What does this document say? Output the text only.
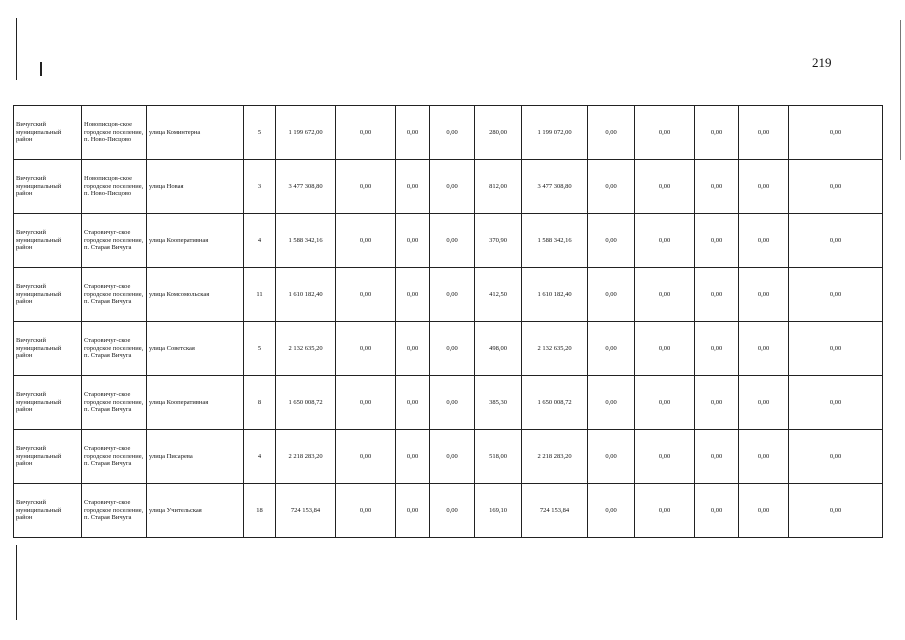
219
Вичугский муниципальный район	Новописцов-ское городское поселение, п. Ново-Писцово	улица Коминтерна	5	1 199 672,00	0,00	0,00	0,00	280,00	1 199 072,00	0,00	0,00	0,00	0,00	0,00
Вичугский муниципальный район	Новописцов-ское городское поселение, п. Ново-Писцово	улица Новая	3	3 477 308,80	0,00	0,00	0,00	812,00	3 477 308,80	0,00	0,00	0,00	0,00	0,00
Вичугский муниципальный район	Старовичуг-ское городское поселение, п. Старая Вичуга	улица Кооперативная	4	1 588 342,16	0,00	0,00	0,00	370,90	1 588 342,16	0,00	0,00	0,00	0,00	0,00
Вичугский муниципальный район	Старовичуг-ское городское поселение, п. Старая Вичуга	улица Комсомольская	11	1 610 182,40	0,00	0,00	0,00	412,50	1 610 182,40	0,00	0,00	0,00	0,00	0,00
Вичугский муниципальный район	Старовичуг-ское городское поселение, п. Старая Вичуга	улица Советская	5	2 132 635,20	0,00	0,00	0,00	498,00	2 132 635,20	0,00	0,00	0,00	0,00	0,00
Вичугский муниципальный район	Старовичуг-ское городское поселение, п. Старая Вичуга	улица Кооперативная	8	1 650 008,72	0,00	0,00	0,00	385,30	1 650 008,72	0,00	0,00	0,00	0,00	0,00
Вичугский муниципальный район	Старовичуг-ское городское поселение, п. Старая Вичуга	улица Писарева	4	2 218 283,20	0,00	0,00	0,00	518,00	2 218 283,20	0,00	0,00	0,00	0,00	0,00
Вичугский муниципальный район	Старовичуг-ское городское поселение, п. Старая Вичуга	улица Учительская	18	724 153,84	0,00	0,00	0,00	169,10	724 153,84	0,00	0,00	0,00	0,00	0,00
